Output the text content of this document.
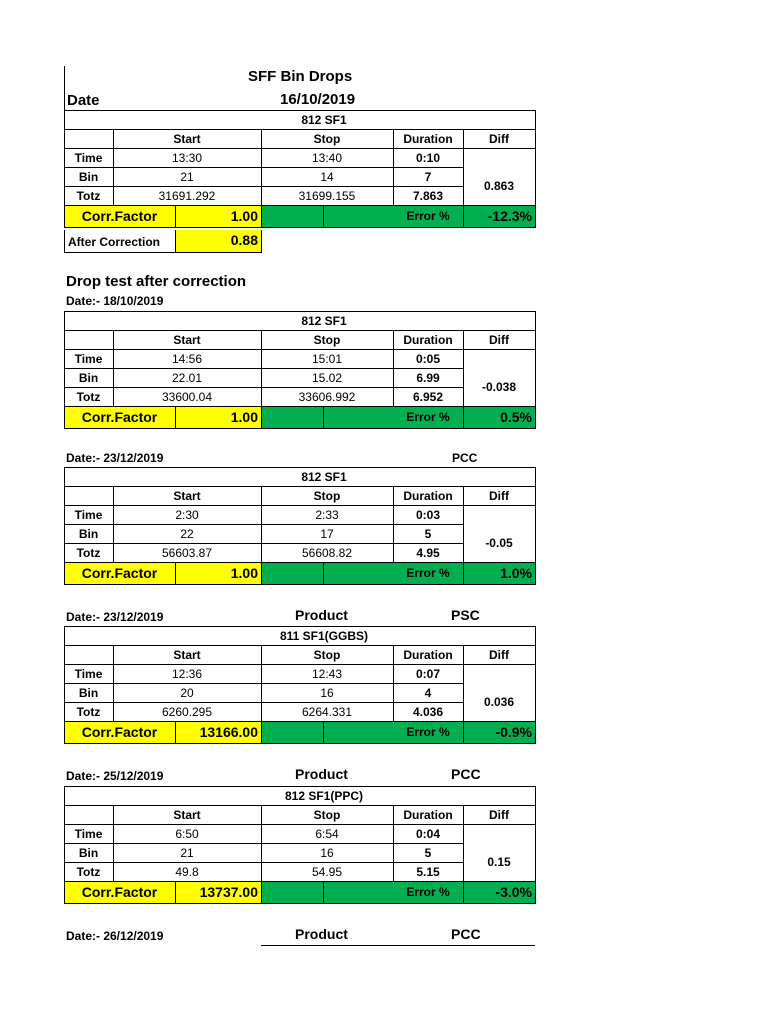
SFF Bin Drops
Date	16/10/2019
Drop test after correction
Date:- 18/10/2019
Date:- 23/12/2019	PCC
Date:- 23/12/2019	Product	PSC
Date:- 25/12/2019	Product	PCC
Date:- 26/12/2019	Product	PCC
812 SF1
Start	Stop	Duration	Diff
Time	13:30	13:40	0:10
Bin	21	14	7
Totz	31691.292	31699.155	7.863
0.863
Corr.Factor	1.00	Error %	-12.3%
812 SF1
Start	Stop	Duration	Diff
Time	14:56	15:01	0:05
Bin	22.01	15.02	6.99
Totz	33600.04	33606.992	6.952
-0.038
Corr.Factor	1.00	Error %	0.5%
812 SF1
Start	Stop	Duration	Diff
Time	2:30	2:33	0:03
Bin	22	17	5
Totz	56603.87	56608.82	4.95
-0.05
Corr.Factor	1.00	Error %	1.0%
811 SF1(GGBS)
Start	Stop	Duration	Diff
Time	12:36	12:43	0:07
Bin	20	16	4
Totz	6260.295	6264.331	4.036
0.036
Corr.Factor	13166.00	Error %	-0.9%
812 SF1(PPC)
Start	Stop	Duration	Diff
Time	6:50	6:54	0:04
Bin	21	16	5
Totz	49.8	54.95	5.15
0.15
Corr.Factor	13737.00	Error %	-3.0%
After Correction	0.88
